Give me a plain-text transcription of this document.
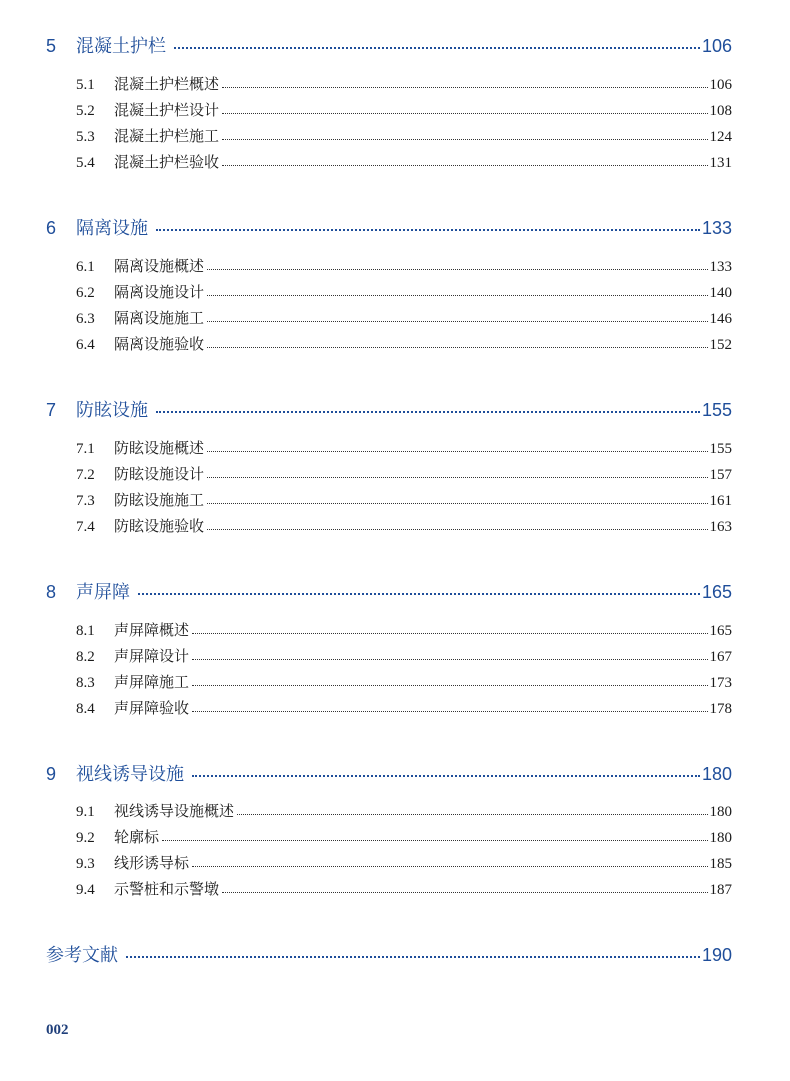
5	混凝土护栏	106
5.1	混凝土护栏概述	106
5.2	混凝土护栏设计	108
5.3	混凝土护栏施工	124
5.4	混凝土护栏验收	131
6	隔离设施	133
6.1	隔离设施概述	133
6.2	隔离设施设计	140
6.3	隔离设施施工	146
6.4	隔离设施验收	152
7	防眩设施	155
7.1	防眩设施概述	155
7.2	防眩设施设计	157
7.3	防眩设施施工	161
7.4	防眩设施验收	163
8	声屏障	165
8.1	声屏障概述	165
8.2	声屏障设计	167
8.3	声屏障施工	173
8.4	声屏障验收	178
9	视线诱导设施	180
9.1	视线诱导设施概述	180
9.2	轮廓标	180
9.3	线形诱导标	185
9.4	示警桩和示警墩	187
参考文献	190
002
